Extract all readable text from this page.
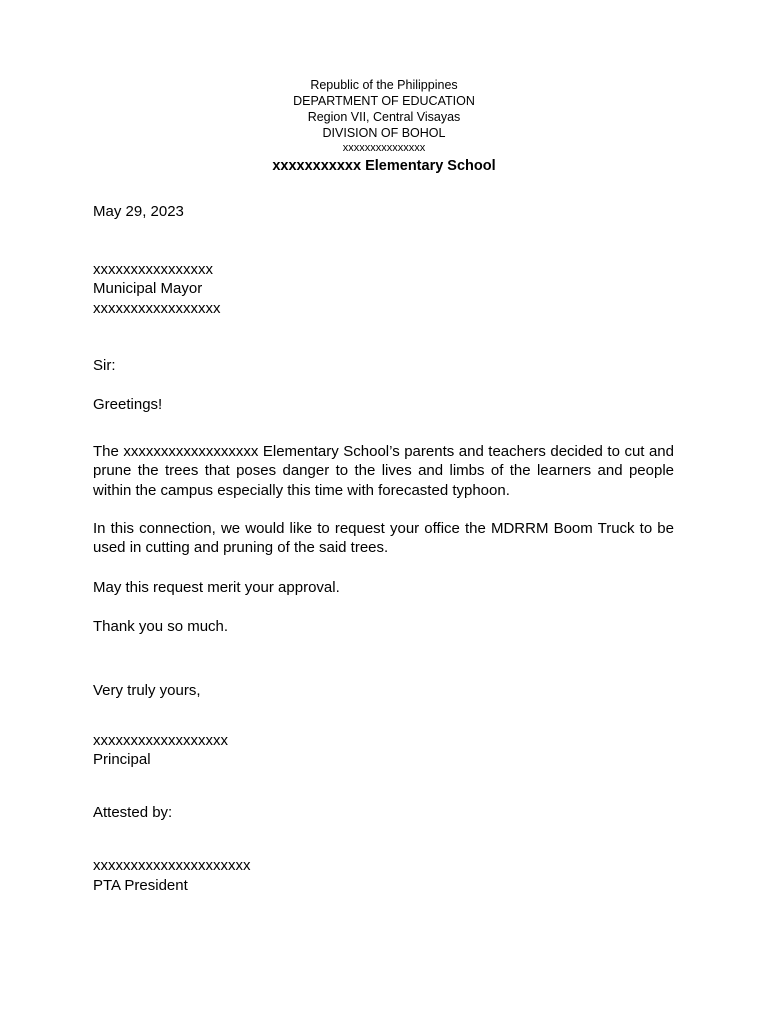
Republic of the Philippines
DEPARTMENT OF EDUCATION
Region VII, Central Visayas
DIVISION OF BOHOL
xxxxxxxxxxxxxxx
xxxxxxxxxxx Elementary School
May 29, 2023
xxxxxxxxxxxxxxxx
Municipal Mayor
xxxxxxxxxxxxxxxxx
Sir:
Greetings!
The xxxxxxxxxxxxxxxxxx Elementary School’s parents and teachers decided to cut and prune the trees that poses danger to the lives and limbs of the learners and people within the campus especially this time with forecasted typhoon.
In this connection, we would like to request your office the MDRRM Boom Truck to be used in cutting and pruning of the said trees.
May this request merit your approval.
Thank you so much.
Very truly yours,
xxxxxxxxxxxxxxxxxx
Principal
Attested by:
xxxxxxxxxxxxxxxxxxxxx
PTA President
